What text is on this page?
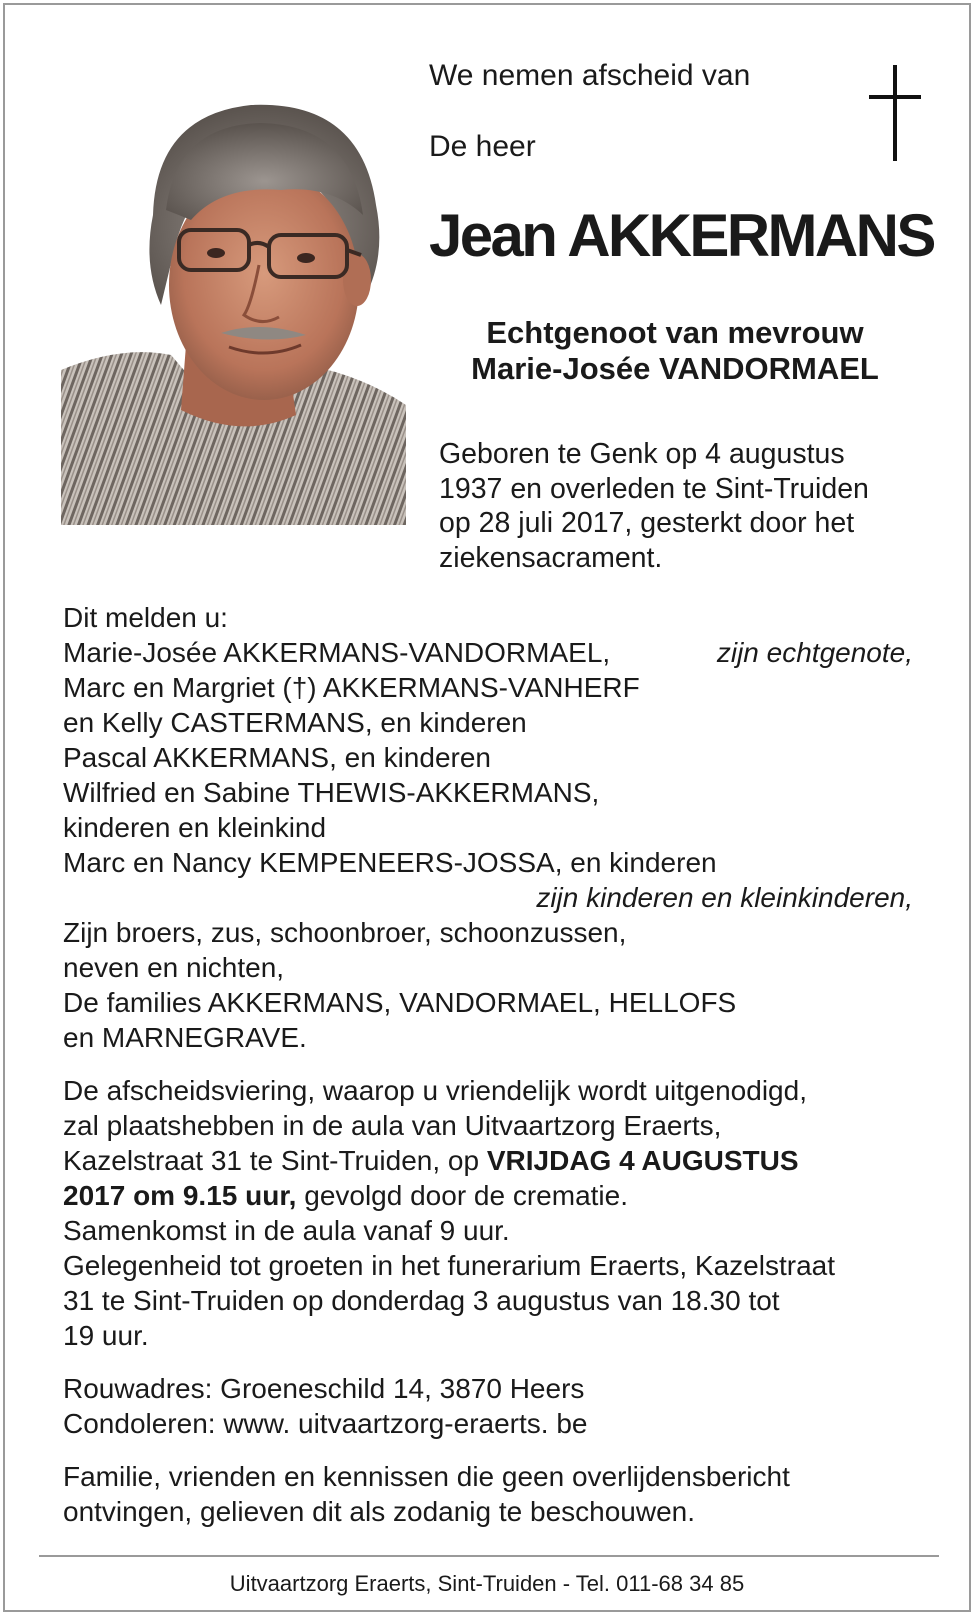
We nemen afscheid van

De heer

Jean AKKERMANS

Echtgenoot van mevrouw
Marie-Josée VANDORMAEL
Geboren te Genk op 4 augustus
1937 en overleden te Sint-Truiden
op 28 juli 2017, gesterkt door het
ziekensacrament.
Dit melden u:
Marie-Josée AKKERMANS-VANDORMAEL,	zijn echtgenote,
Marc en Margriet (†) AKKERMANS-VANHERF
en Kelly CASTERMANS, en kinderen
Pascal AKKERMANS, en kinderen
Wilfried en Sabine THEWIS-AKKERMANS,
kinderen en kleinkind
Marc en Nancy KEMPENEERS-JOSSA, en kinderen
zijn kinderen en kleinkinderen,
Zijn broers, zus, schoonbroer, schoonzussen,
neven en nichten,
De families AKKERMANS, VANDORMAEL, HELLOFS
en MARNEGRAVE.
De afscheidsviering, waarop u vriendelijk wordt uitgenodigd,
zal plaatshebben in de aula van Uitvaartzorg Eraerts,
Kazelstraat 31 te Sint-Truiden, op VRIJDAG 4 AUGUSTUS
2017 om 9.15 uur, gevolgd door de crematie.
Samenkomst in de aula vanaf 9 uur.
Gelegenheid tot groeten in het funerarium Eraerts, Kazelstraat
31 te Sint-Truiden op donderdag 3 augustus van 18.30 tot
19 uur.
Rouwadres: Groeneschild 14, 3870 Heers
Condoleren: www. uitvaartzorg-eraerts. be
Familie, vrienden en kennissen die geen overlijdensbericht
ontvingen, gelieven dit als zodanig te beschouwen.

Uitvaartzorg Eraerts, Sint-Truiden - Tel. 011-68 34 85
